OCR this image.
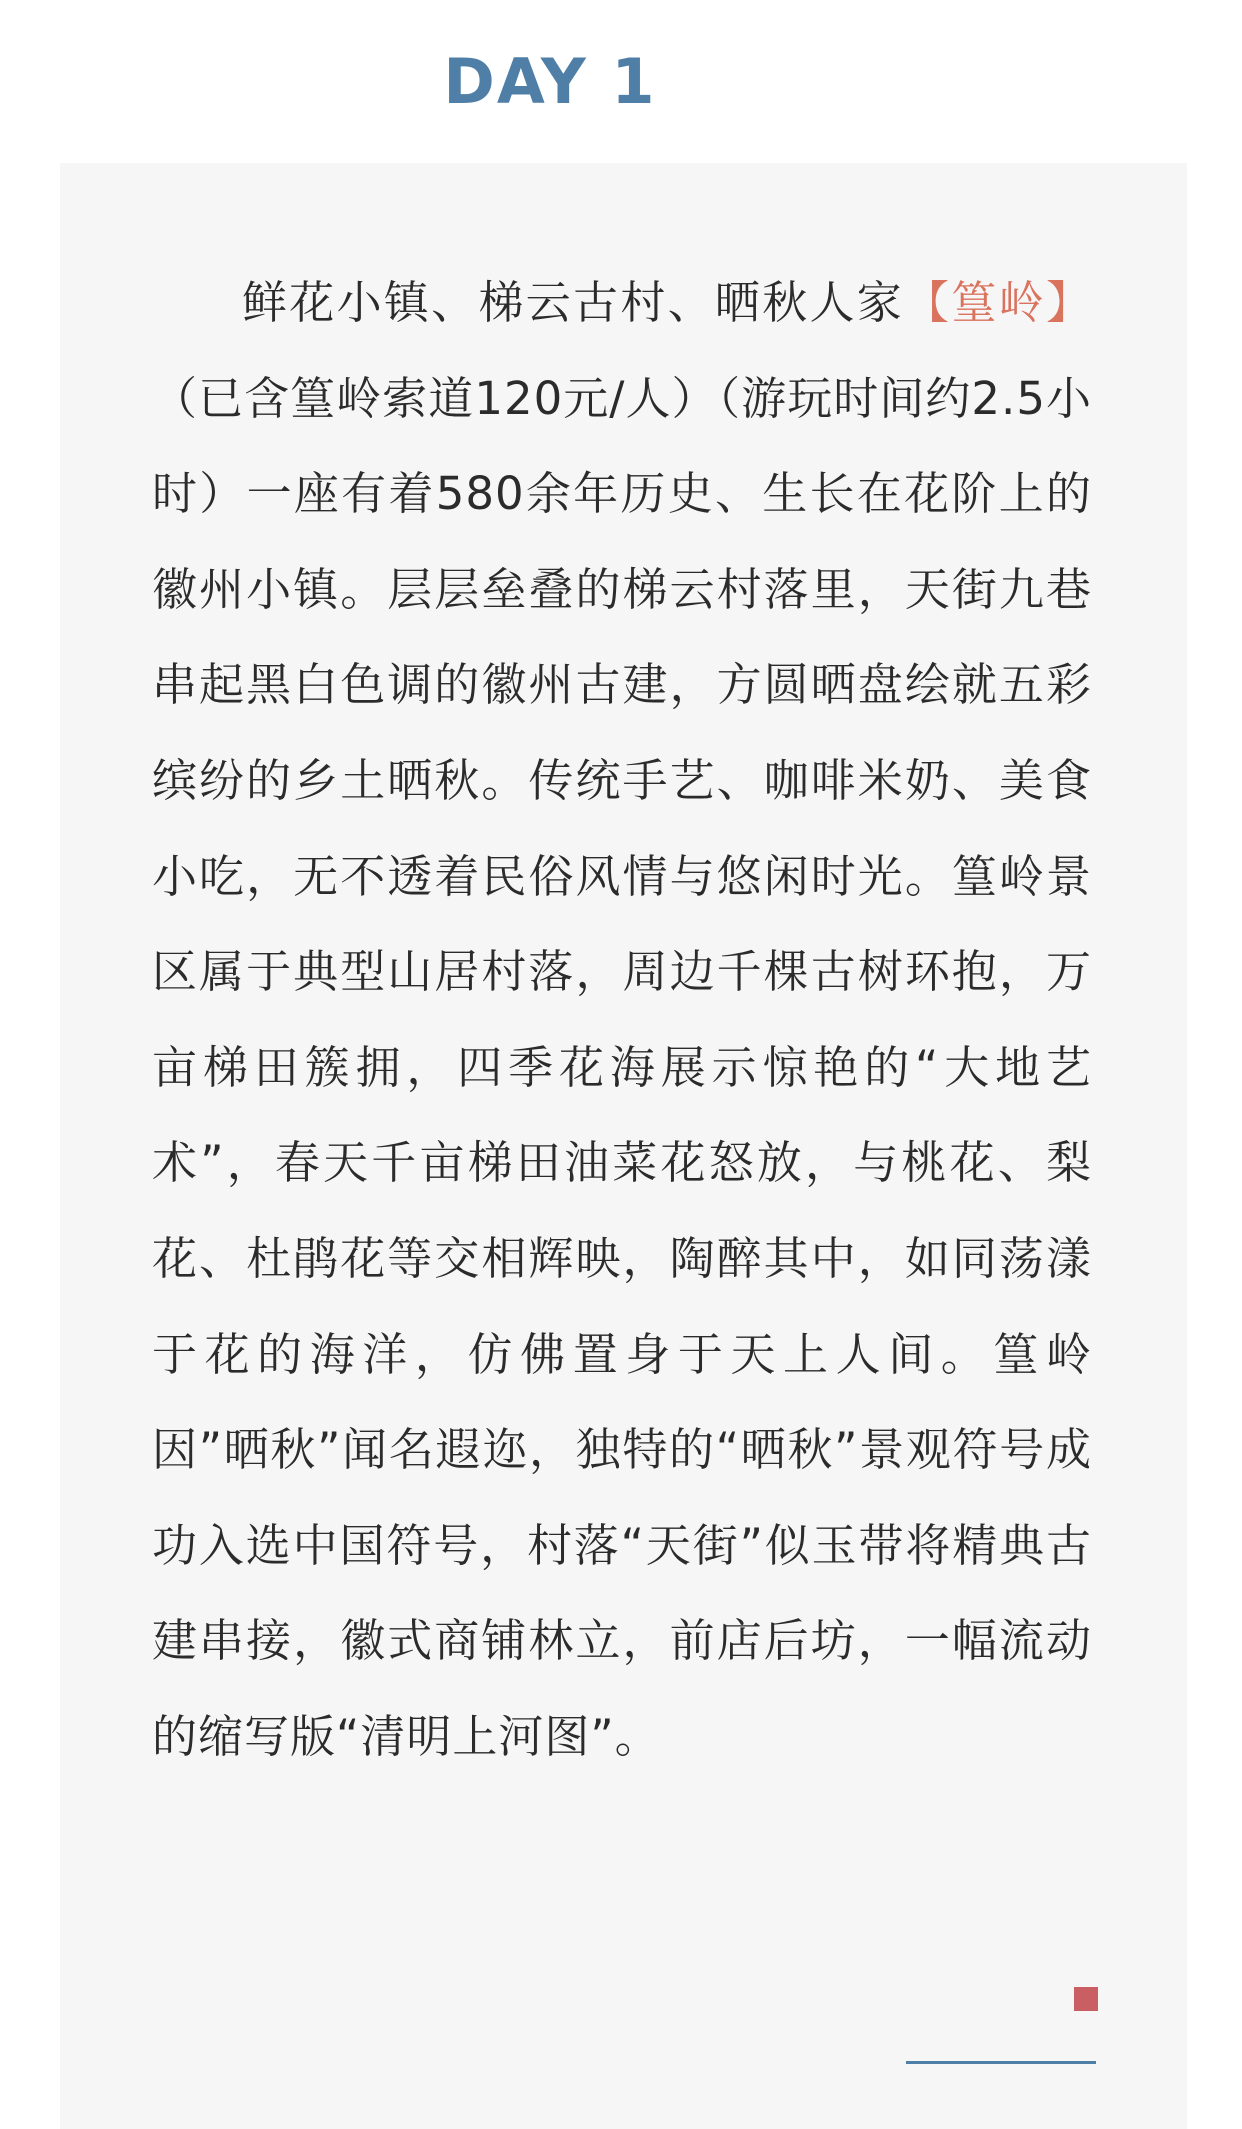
DAY 1

鲜花小镇、梯云古村、晒秋人家【篁岭】（已含篁岭索道120元/人）（游玩时间约2.5小时）一座有着580余年历史、生长在花阶上的徽州小镇。层层垒叠的梯云村落里，天街九巷串起黑白色调的徽州古建，方圆晒盘绘就五彩缤纷的乡土晒秋。传统手艺、咖啡米奶、美食小吃，无不透着民俗风情与悠闲时光。篁岭景区属于典型山居村落，周边千棵古树环抱，万亩梯田簇拥，四季花海展示惊艳的“大地艺术”，春天千亩梯田油菜花怒放，与桃花、梨花、杜鹃花等交相辉映，陶醉其中，如同荡漾于花的海洋，仿佛置身于天上人间。篁岭因”晒秋”闻名遐迩，独特的“晒秋”景观符号成功入选中国符号，村落“天街”似玉带将精典古建串接，徽式商铺林立，前店后坊，一幅流动的缩写版“清明上河图”。
